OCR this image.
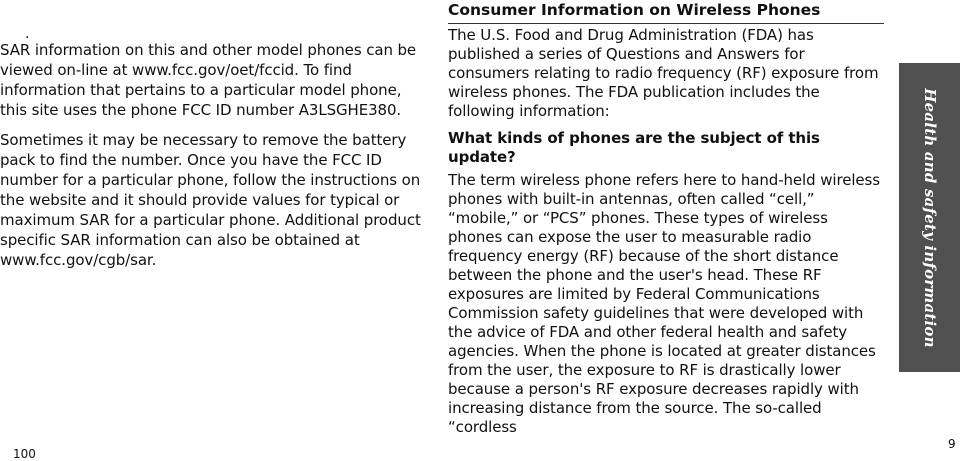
.

SAR information on this and other model phones can be viewed on-line at www.fcc.gov/oet/fccid. To find information that pertains to a particular model phone, this site uses the phone FCC ID number A3LSGHE380.

Sometimes it may be necessary to remove the battery pack to find the number. Once you have the FCC ID number for a particular phone, follow the instructions on the website and it should provide values for typical or maximum SAR for a particular phone. Additional product specific SAR information can also be obtained at www.fcc.gov/cgb/sar.

100
Consumer Information on Wireless Phones

The U.S. Food and Drug Administration (FDA) has published a series of Questions and Answers for consumers relating to radio frequency (RF) exposure from wireless phones. The FDA publication includes the following information:

What kinds of phones are the subject of this update?

The term wireless phone refers here to hand-held wireless phones with built-in antennas, often called “cell,” “mobile,” or “PCS” phones. These types of wireless phones can expose the user to measurable radio frequency energy (RF) because of the short distance between the phone and the user's head. These RF exposures are limited by Federal Communications Commission safety guidelines that were developed with the advice of FDA and other federal health and safety agencies. When the phone is located at greater distances from the user, the exposure to RF is drastically lower because a person's RF exposure decreases rapidly with increasing distance from the source. The so-called “cordless

9
Health and safety information
